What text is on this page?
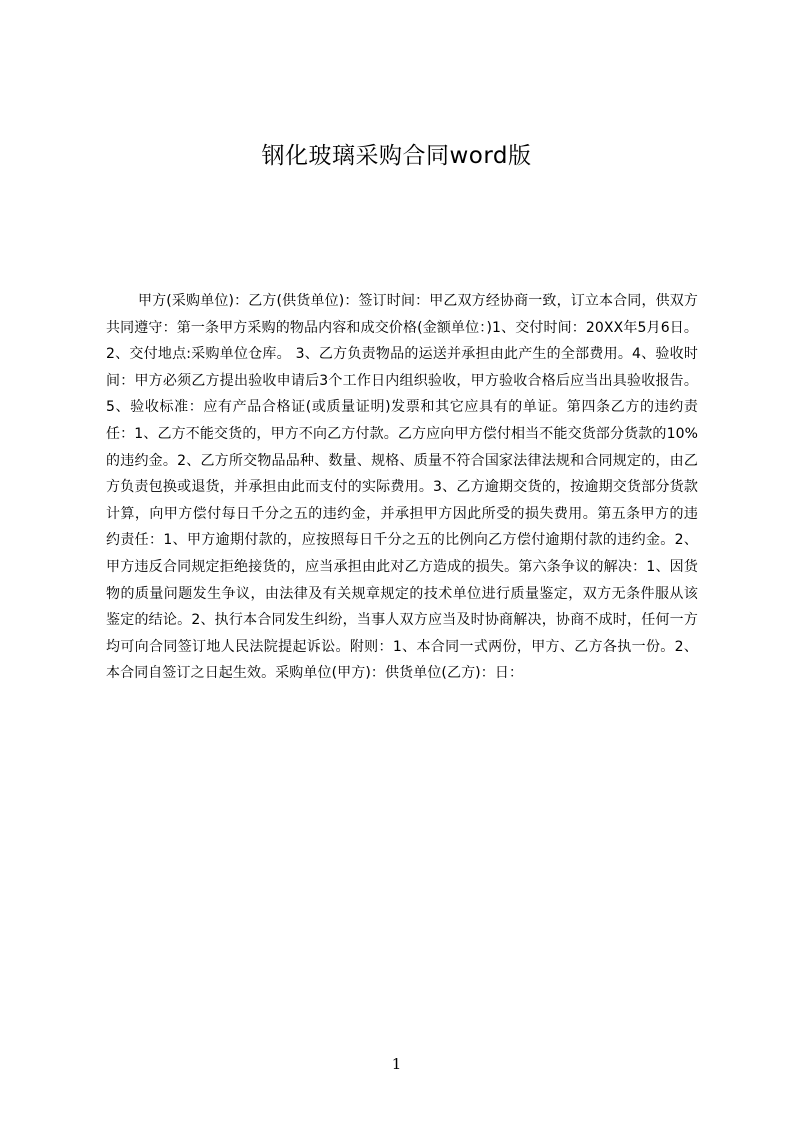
钢化玻璃采购合同word版
甲方(采购单位)：乙方(供货单位)：签订时间：甲乙双方经协商一致，订立本合同，供双方共同遵守：第一条甲方采购的物品内容和成交价格(金额单位：)1、交付时间：20XX年5月6日。2、交付地点:采购单位仓库。 3、乙方负责物品的运送并承担由此产生的全部费用。4、验收时间：甲方必须乙方提出验收申请后3个工作日内组织验收，甲方验收合格后应当出具验收报告。5、验收标准：应有产品合格证(或质量证明)发票和其它应具有的单证。第四条乙方的违约责任：1、乙方不能交货的，甲方不向乙方付款。乙方应向甲方偿付相当不能交货部分货款的10%的违约金。2、乙方所交物品品种、数量、规格、质量不符合国家法律法规和合同规定的，由乙方负责包换或退货，并承担由此而支付的实际费用。3、乙方逾期交货的，按逾期交货部分货款计算，向甲方偿付每日千分之五的违约金，并承担甲方因此所受的损失费用。第五条甲方的违约责任：1、甲方逾期付款的，应按照每日千分之五的比例向乙方偿付逾期付款的违约金。2、甲方违反合同规定拒绝接货的，应当承担由此对乙方造成的损失。第六条争议的解决：1、因货物的质量问题发生争议，由法律及有关规章规定的技术单位进行质量鉴定，双方无条件服从该鉴定的结论。2、执行本合同发生纠纷，当事人双方应当及时协商解决，协商不成时，任何一方均可向合同签订地人民法院提起诉讼。附则：1、本合同一式两份，甲方、乙方各执一份。2、本合同自签订之日起生效。采购单位(甲方)：供货单位(乙方)：日：
1
